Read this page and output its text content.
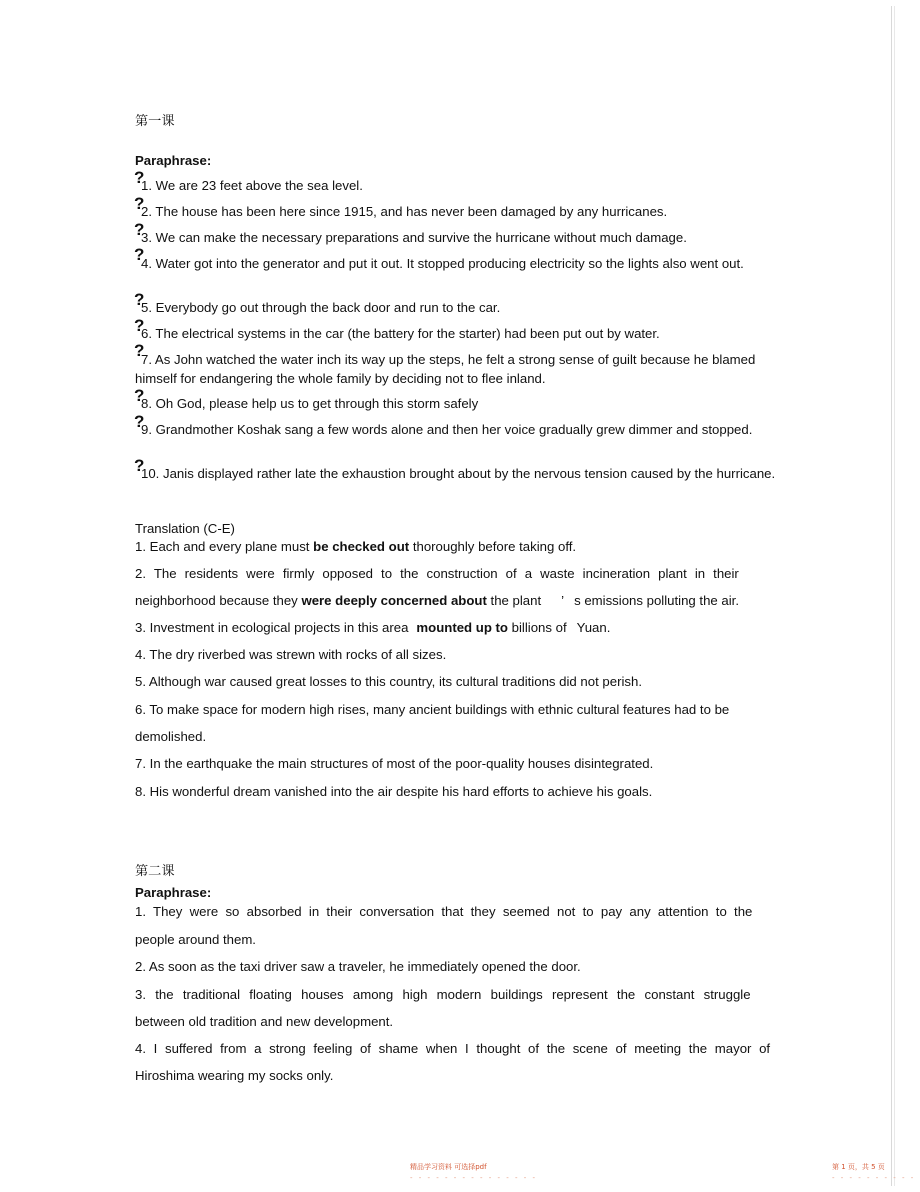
第一课
Paraphrase:
?
1. We are 23 feet above the sea level.
?
2. The house has been here since 1915, and has never been damaged by any hurricanes.
?
3. We can make the necessary preparations and survive the hurricane without much damage.
?
4. Water got into the generator and put it out. It stopped producing electricity so the lights also went out.
?
5. Everybody go out through the back door and run to the car.
?
6. The electrical systems in the car (the battery for the starter) had been put out by water.
?
7. As John watched the water inch its way up the steps, he felt a strong sense of guilt because he blamed himself for endangering the whole family by deciding not to flee inland.
?
8. Oh God, please help us to get through this storm safely
?
9. Grandmother Koshak sang a few words alone and then her voice gradually grew dimmer and stopped.
?
10. Janis displayed rather late the exhaustion brought about by the nervous tension caused by the hurricane.
Translation (C-E)
1. Each and every plane must be checked out thoroughly before taking off.
2. The residents were firmly opposed to the construction of a waste incineration plant in their
neighborhood because they were deeply concerned about the plant ’ s emissions polluting the air.
3. Investment in ecological projects in this area mounted up to billions of Yuan.
4. The dry riverbed was strewn with rocks of all sizes.
5. Although war caused great losses to this country, its cultural traditions did not perish.
6. To make space for modern high rises, many ancient buildings with ethnic cultural features had to be
demolished.
7. In the earthquake the main structures of most of the poor-quality houses disintegrated.
8. His wonderful dream vanished into the air despite his hard efforts to achieve his goals.
第二课
Paraphrase:
1. They were so absorbed in their conversation that they seemed not to pay any attention to the
people around them.
2. As soon as the taxi driver saw a traveler, he immediately opened the door.
3. the traditional floating houses among high modern buildings represent the constant struggle
between old tradition and new development.
4. I suffered from a strong feeling of shame when I thought of the scene of meeting the mayor of
Hiroshima wearing my socks only.
精品学习资料 可选择pdf
- - - - - - - - - - - - - - -
第 1 页，共 5 页
- - - - - - - - - -
